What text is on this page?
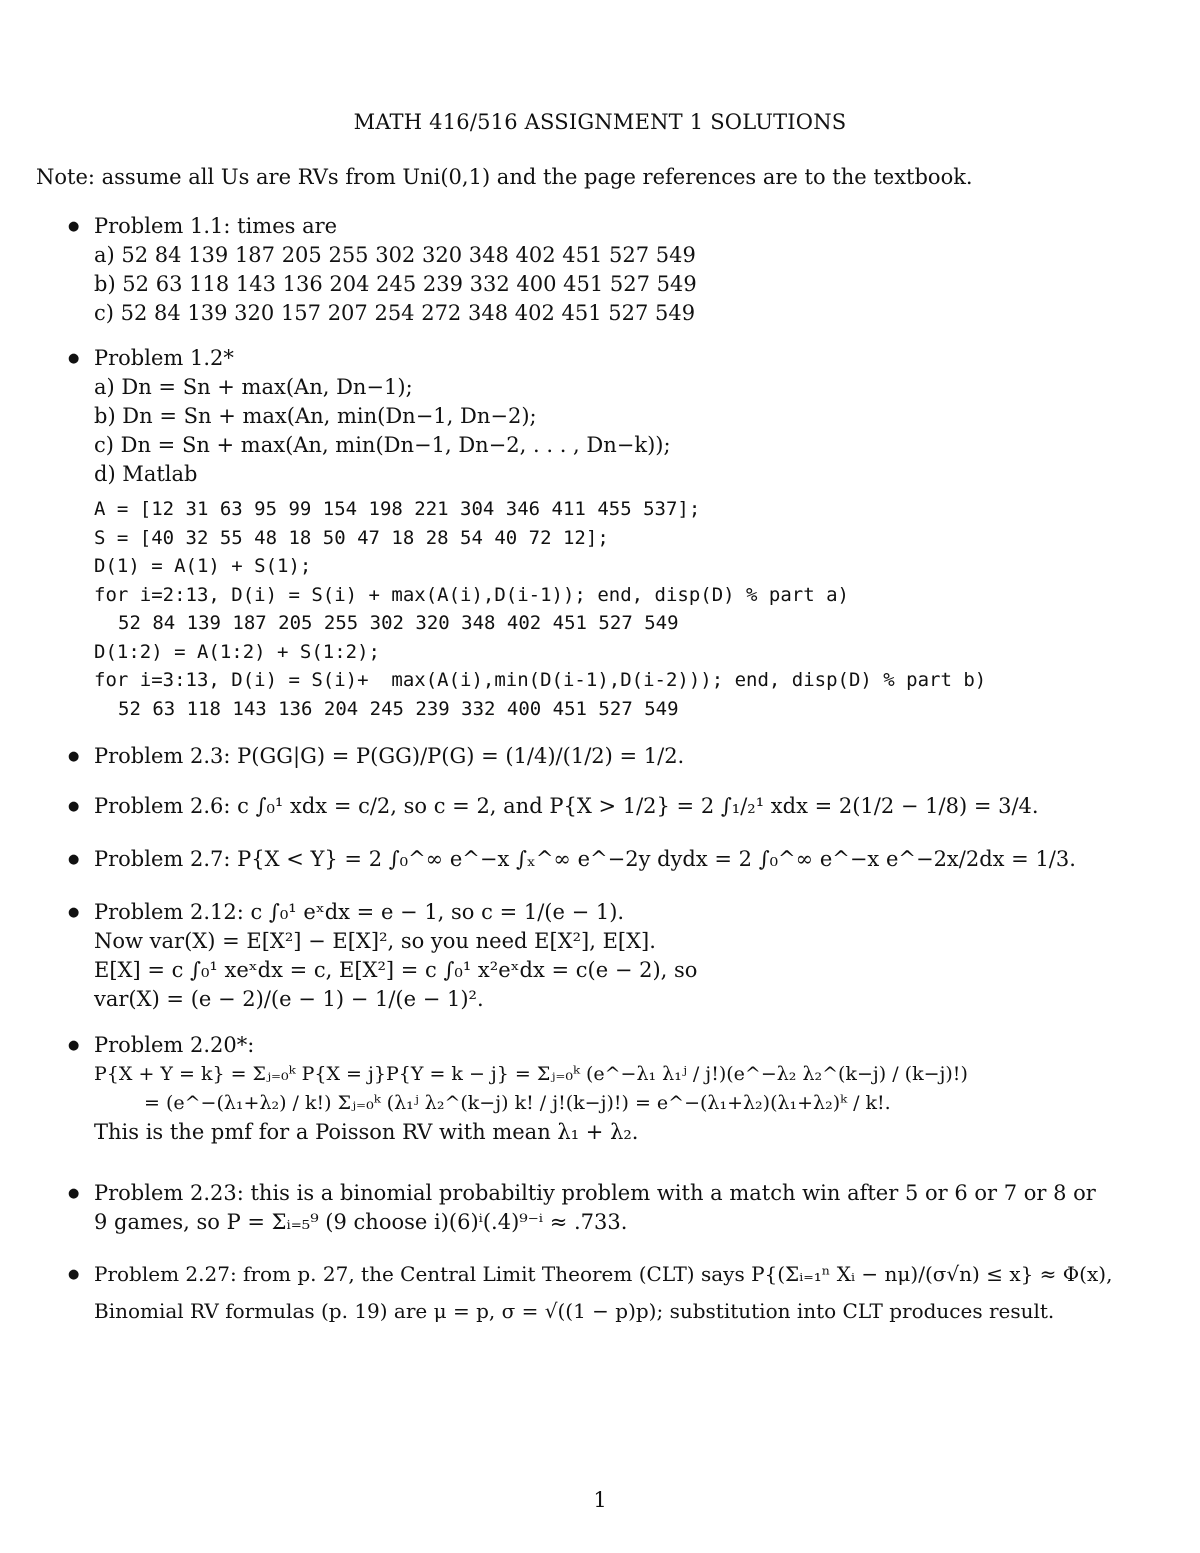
MATH 416/516 ASSIGNMENT 1 SOLUTIONS
Note: assume all Us are RVs from Uni(0,1) and the page references are to the textbook.
● Problem 1.1: times are
a) 52 84 139 187 205 255 302 320 348 402 451 527 549
b) 52 63 118 143 136 204 245 239 332 400 451 527 549
c) 52 84 139 320 157 207 254 272 348 402 451 527 549
● Problem 1.2*
a) Dn = Sn + max(An, Dn−1);
b) Dn = Sn + max(An, min(Dn−1, Dn−2);
c) Dn = Sn + max(An, min(Dn−1, Dn−2, . . . , Dn−k));
d) Matlab
A = [12 31 63 95 99 154 198 221 304 346 411 455 537];
S = [40 32 55 48 18 50 47 18 28 54 40 72 12];
D(1) = A(1) + S(1);
for i=2:13, D(i) = S(i) + max(A(i),D(i-1)); end, disp(D) % part a)
52 84 139 187 205 255 302 320 348 402 451 527 549
D(1:2) = A(1:2) + S(1:2);
for i=3:13, D(i) = S(i)+  max(A(i),min(D(i-1),D(i-2))); end, disp(D) % part b)
52 63 118 143 136 204 245 239 332 400 451 527 549
● Problem 2.3: P(GG|G) = P(GG)/P(G) = (1/4)/(1/2) = 1/2.
● Problem 2.6: c ∫₀¹ xdx = c/2, so c = 2, and P{X > 1/2} = 2 ∫₁/₂¹ xdx = 2(1/2 − 1/8) = 3/4.
● Problem 2.7: P{X < Y} = 2 ∫₀^∞ e^−x ∫ₓ^∞ e^−2y dydx = 2 ∫₀^∞ e^−x e^−2x/2dx = 1/3.
● Problem 2.12: c ∫₀¹ eˣdx = e − 1, so c = 1/(e − 1).
Now var(X) = E[X²] − E[X]², so you need E[X²], E[X].
E[X] = c ∫₀¹ xeˣdx = c, E[X²] = c ∫₀¹ x²eˣdx = c(e − 2), so
var(X) = (e − 2)/(e − 1) − 1/(e − 1)².
● Problem 2.20*:
P{X + Y = k} = Σⱼ₌₀ᵏ P{X = j}P{Y = k − j} = Σⱼ₌₀ᵏ (e^−λ₁ λ₁ʲ / j!)(e^−λ₂ λ₂^(k−j) / (k−j)!)
= (e^−(λ₁+λ₂) / k!) Σⱼ₌₀ᵏ (λ₁ʲ λ₂^(k−j) k! / j!(k−j)!) = e^−(λ₁+λ₂)(λ₁+λ₂)ᵏ / k!.
This is the pmf for a Poisson RV with mean λ₁ + λ₂.
● Problem 2.23: this is a binomial probabiltiy problem with a match win after 5 or 6 or 7 or 8 or
9 games, so P = Σᵢ₌₅⁹ (9 choose i)(6)ⁱ(.4)⁹⁻ⁱ ≈ .733.
● Problem 2.27: from p. 27, the Central Limit Theorem (CLT) says P{(Σᵢ₌₁ⁿ Xᵢ − nμ)/(σ√n) ≤ x} ≈ Φ(x),
Binomial RV formulas (p. 19) are μ = p, σ = √((1 − p)p); substitution into CLT produces result.
1
